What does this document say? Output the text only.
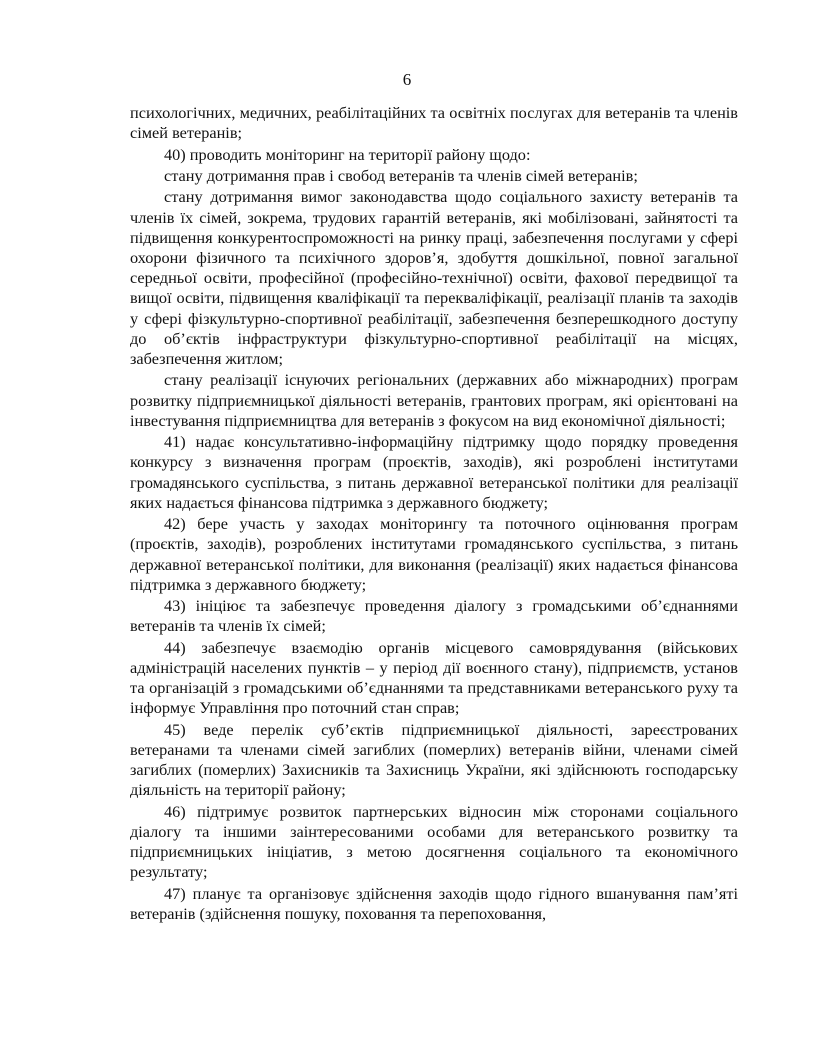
6

психологічних, медичних, реабілітаційних та освітніх послугах для ветеранів та членів сімей ветеранів;

40) проводить моніторинг на території району щодо:

стану дотримання прав і свобод ветеранів та членів сімей ветеранів;

стану дотримання вимог законодавства щодо соціального захисту ветеранів та членів їх сімей, зокрема, трудових гарантій ветеранів, які мобілізовані, зайнятості та підвищення конкурентоспроможності на ринку праці, забезпечення послугами у сфері охорони фізичного та психічного здоров’я, здобуття дошкільної, повної загальної середньої освіти, професійної (професійно-технічної) освіти, фахової передвищої та вищої освіти, підвищення кваліфікації та перекваліфікації, реалізації планів та заходів у сфері фізкультурно-спортивної реабілітації, забезпечення безперешкодного доступу до об’єктів інфраструктури фізкультурно-спортивної реабілітації на місцях, забезпечення житлом;

стану реалізації існуючих регіональних (державних або міжнародних) програм розвитку підприємницької діяльності ветеранів, грантових програм, які орієнтовані на інвестування підприємництва для ветеранів з фокусом на вид економічної діяльності;

41) надає консультативно-інформаційну підтримку щодо порядку проведення конкурсу з визначення програм (проєктів, заходів), які розроблені інститутами громадянського суспільства, з питань державної ветеранської політики для реалізації яких надається фінансова підтримка з державного бюджету;

42) бере участь у заходах моніторингу та поточного оцінювання програм (проєктів, заходів), розроблених інститутами громадянського суспільства, з питань державної ветеранської політики, для виконання (реалізації) яких надається фінансова підтримка з державного бюджету;

43) ініціює та забезпечує проведення діалогу з громадськими об’єднаннями ветеранів та членів їх сімей;

44) забезпечує взаємодію органів місцевого самоврядування (військових адміністрацій населених пунктів – у період дії воєнного стану), підприємств, установ та організацій з громадськими об’єднаннями та представниками ветеранського руху та інформує Управління про поточний стан справ;

45) веде перелік суб’єктів підприємницької діяльності, зареєстрованих ветеранами та членами сімей загиблих (померлих) ветеранів війни, членами сімей загиблих (померлих) Захисників та Захисниць України, які здійснюють господарську діяльність на території району;

46) підтримує розвиток партнерських відносин між сторонами соціального діалогу та іншими заінтересованими особами для ветеранського розвитку та підприємницьких ініціатив, з метою досягнення соціального та економічного результату;

47) планує та організовує здійснення заходів щодо гідного вшанування пам’яті ветеранів (здійснення пошуку, поховання та перепоховання,
